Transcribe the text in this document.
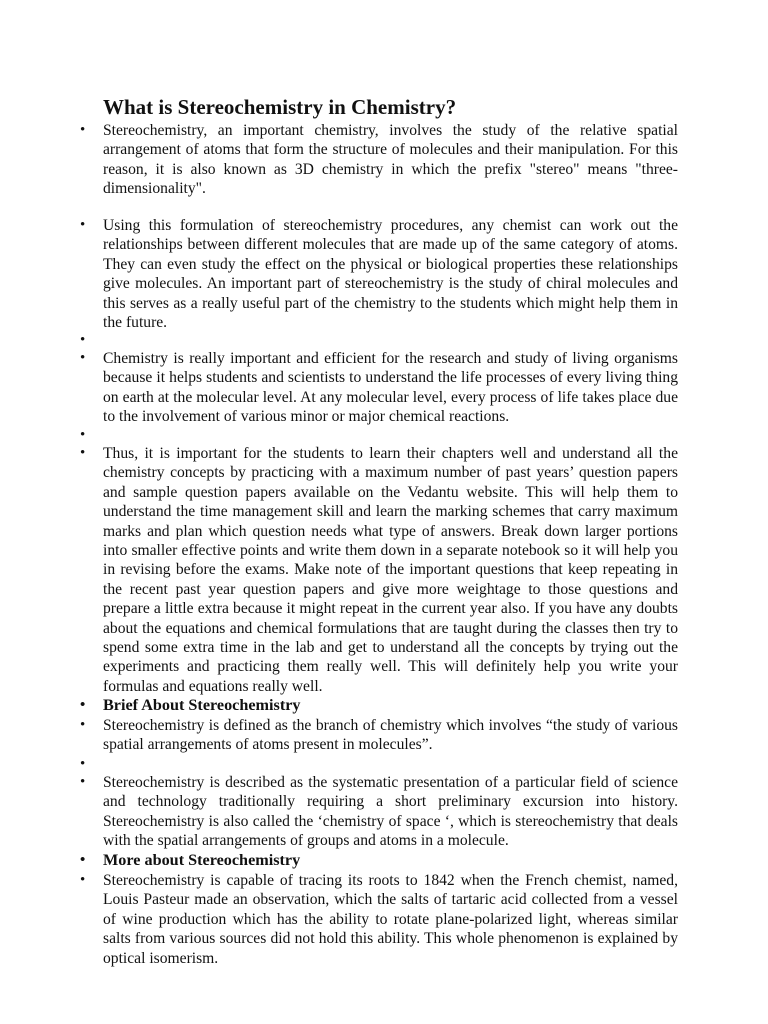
What is Stereochemistry in Chemistry?
• Stereochemistry, an important chemistry, involves the study of the relative spatial arrangement of atoms that form the structure of molecules and their manipulation. For this reason, it is also known as 3D chemistry in which the prefix "stereo" means "three-dimensionality".
• Using this formulation of stereochemistry procedures, any chemist can work out the relationships between different molecules that are made up of the same category of atoms. They can even study the effect on the physical or biological properties these relationships give molecules. An important part of stereochemistry is the study of chiral molecules and this serves as a really useful part of the chemistry to the students which might help them in the future.
•
• Chemistry is really important and efficient for the research and study of living organisms because it helps students and scientists to understand the life processes of every living thing on earth at the molecular level. At any molecular level, every process of life takes place due to the involvement of various minor or major chemical reactions.
•
• Thus, it is important for the students to learn their chapters well and understand all the chemistry concepts by practicing with a maximum number of past years’ question papers and sample question papers available on the Vedantu website. This will help them to understand the time management skill and learn the marking schemes that carry maximum marks and plan which question needs what type of answers. Break down larger portions into smaller effective points and write them down in a separate notebook so it will help you in revising before the exams. Make note of the important questions that keep repeating in the recent past year question papers and give more weightage to those questions and prepare a little extra because it might repeat in the current year also. If you have any doubts about the equations and chemical formulations that are taught during the classes then try to spend some extra time in the lab and get to understand all the concepts by trying out the experiments and practicing them really well. This will definitely help you write your formulas and equations really well.
• Brief About Stereochemistry
• Stereochemistry is defined as the branch of chemistry which involves “the study of various spatial arrangements of atoms present in molecules”.
•
• Stereochemistry is described as the systematic presentation of a particular field of science and technology traditionally requiring a short preliminary excursion into history. Stereochemistry is also called the ‘chemistry of space ‘, which is stereochemistry that deals with the spatial arrangements of groups and atoms in a molecule.
• More about Stereochemistry
• Stereochemistry is capable of tracing its roots to 1842 when the French chemist, named, Louis Pasteur made an observation, which the salts of tartaric acid collected from a vessel of wine production which has the ability to rotate plane-polarized light, whereas similar salts from various sources did not hold this ability. This whole phenomenon is explained by optical isomerism.
